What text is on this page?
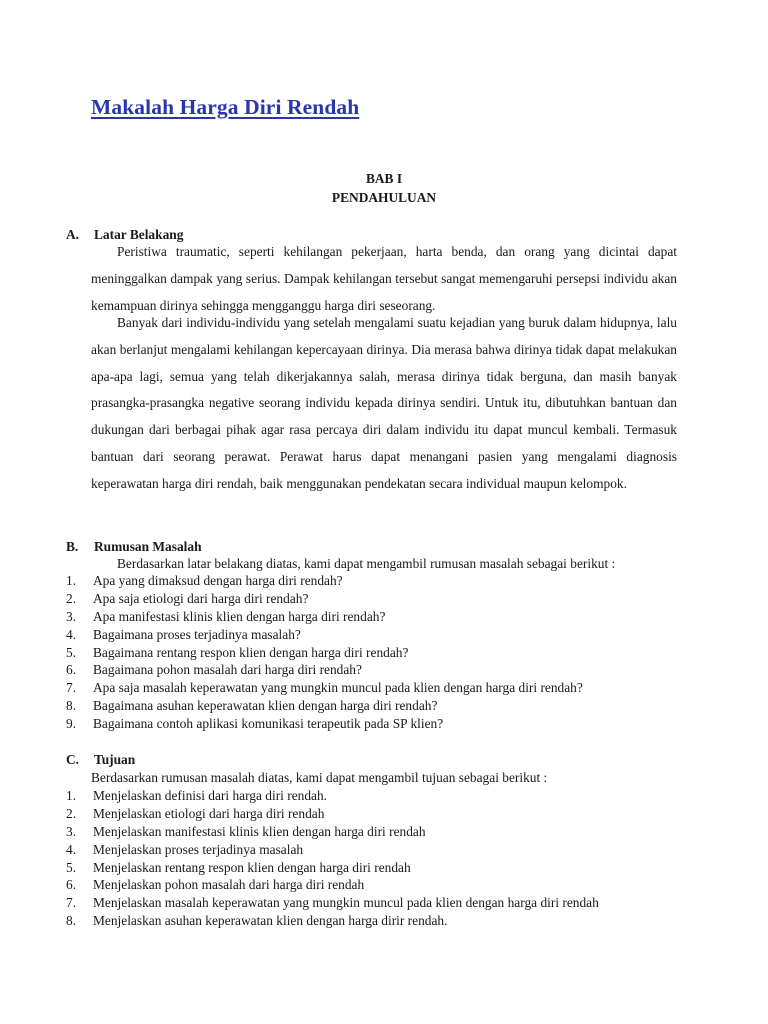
Makalah Harga Diri Rendah

BAB I

PENDAHULUAN

A. Latar Belakang

Peristiwa traumatic, seperti kehilangan pekerjaan, harta benda, dan orang yang dicintai dapat meninggalkan dampak yang serius. Dampak kehilangan tersebut sangat memengaruhi persepsi individu akan kemampuan dirinya sehingga mengganggu harga diri seseorang.

Banyak dari individu-individu yang setelah mengalami suatu kejadian yang buruk dalam hidupnya, lalu akan berlanjut mengalami kehilangan kepercayaan dirinya. Dia merasa bahwa dirinya tidak dapat melakukan apa-apa lagi, semua yang telah dikerjakannya salah, merasa dirinya tidak berguna, dan masih banyak prasangka-prasangka negative seorang individu kepada dirinya sendiri. Untuk itu, dibutuhkan bantuan dan dukungan dari berbagai pihak agar rasa percaya diri dalam individu itu dapat muncul kembali. Termasuk bantuan dari seorang perawat. Perawat harus dapat menangani pasien yang mengalami diagnosis keperawatan harga diri rendah, baik menggunakan pendekatan secara individual maupun kelompok.

B. Rumusan Masalah

Berdasarkan latar belakang diatas, kami dapat mengambil rumusan masalah sebagai berikut :

1. Apa yang dimaksud dengan harga diri rendah?
2. Apa saja etiologi dari harga diri rendah?
3. Apa manifestasi klinis klien dengan harga diri rendah?
4. Bagaimana proses terjadinya masalah?
5. Bagaimana rentang respon klien dengan harga diri rendah?
6. Bagaimana pohon masalah dari harga diri rendah?
7. Apa saja masalah keperawatan yang mungkin muncul pada klien dengan harga diri rendah?
8. Bagaimana asuhan keperawatan klien dengan harga diri rendah?
9. Bagaimana contoh aplikasi komunikasi terapeutik pada SP klien?
C. Tujuan

Berdasarkan rumusan masalah diatas, kami dapat mengambil tujuan sebagai berikut :

1. Menjelaskan definisi dari harga diri rendah.
2. Menjelaskan etiologi dari harga diri rendah
3. Menjelaskan manifestasi klinis klien dengan harga diri rendah
4. Menjelaskan proses terjadinya masalah
5. Menjelaskan rentang respon klien dengan harga diri rendah
6. Menjelaskan pohon masalah dari harga diri rendah
7. Menjelaskan masalah keperawatan yang mungkin muncul pada klien dengan harga diri rendah
8. Menjelaskan asuhan keperawatan klien dengan harga dirir rendah.
